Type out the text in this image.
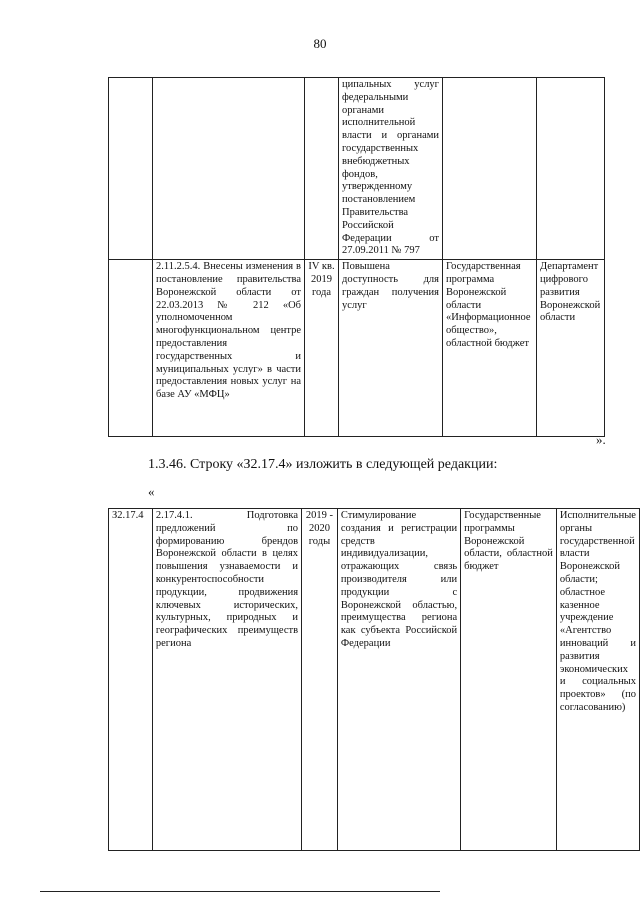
80
			ципальных услуг федеральными органами исполнительной власти и органами государственных внебюджетных фондов, утвержденному постановлением Правительства Российской Федерации от 27.09.2011 № 797		
	2.11.2.5.4. Внесены изменения в постановление правительства Воронежской области от 22.03.2013 № 212 «Об уполномоченном многофункциональном центре предоставления государственных и муниципальных услуг» в части предоставления новых услуг на базе АУ «МФЦ»	IV кв. 2019 года	Повышена доступность для граждан получения услуг	Государственная программа Воронежской области «Информационное общество», областной бюджет	Департамент цифрового развития Воронежской области
».
1.3.46. Строку «З2.17.4» изложить в следующей редакции:
«
З2.17.4	2.17.4.1. Подготовка предложений по формированию брендов Воронежской области в целях повышения узнаваемости и конкурентоспособности продукции, продвижения ключевых исторических, культурных, природных и географических преимуществ региона	2019 - 2020 годы	Стимулирование создания и регистрации средств индивидуализации, отражающих связь производителя или продукции с Воронежской областью, преимущества региона как субъекта Российской Федерации	Государственные программы Воронежской области, областной бюджет	Исполнительные органы государственной власти Воронежской области; областное казенное учреждение «Агентство инноваций и развития экономических и социальных проектов» (по согласованию)
